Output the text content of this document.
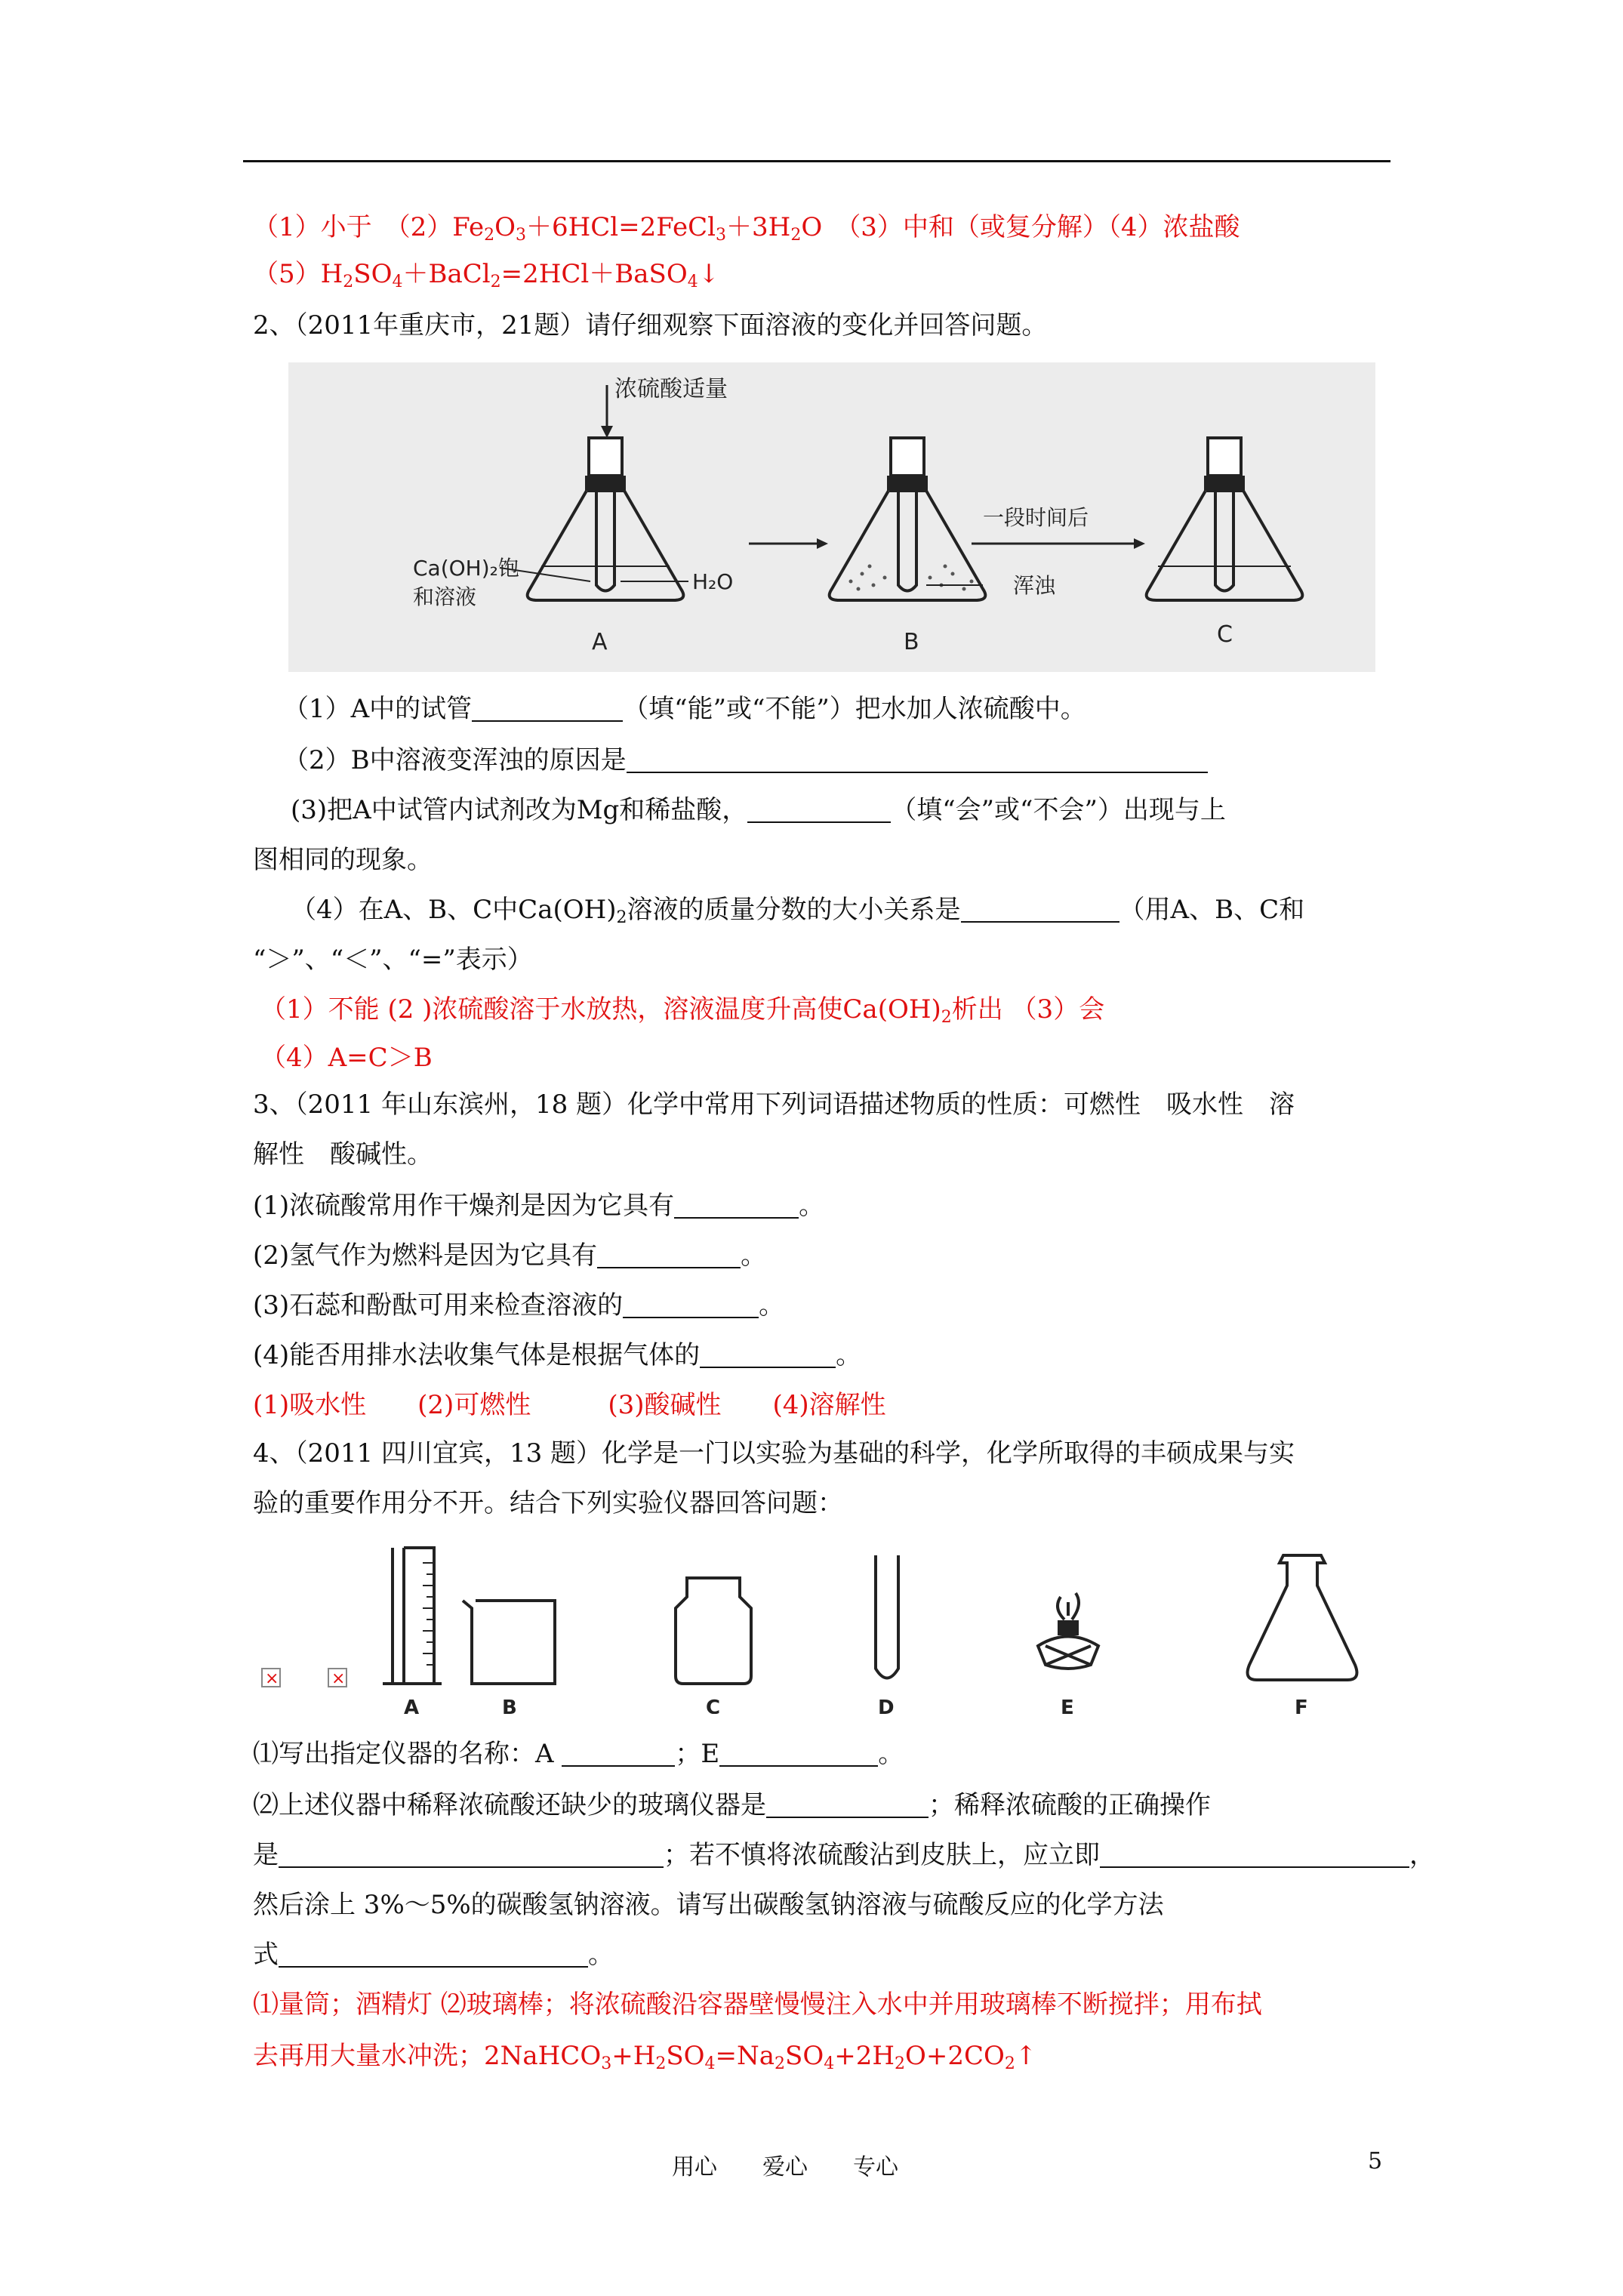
（1）小于　 $(2)Fe_2O_3+6HCl=2FeCl_3+3H_2O$　 （3）中和（或复分解）（4）浓盐酸
$(5)H_2SO_4+BaCl_2=2HCl+BaSO_4↓$
2、（2011年重庆市，21题）请仔细观察下面溶液的变化并回答问题。
浓硫酸适量
Ca(OH)₂饱
和溶液
H₂O
A
浑浊
B
一段时间后
C
（1）A中的试管	（填“能”或“不能”）把水加人浓硫酸中。
（2）B中溶液变浑浊的原因是
(3)把A中试管内试剂改为Mg和稀盐酸，	（填“会”或“不会”）出现与上
图相同的现象。
（4）在A、B、C中$Ca(OH)_2$溶液的质量分数的大小关系是	（用A、B、C和
“＞”、“＜”、“=”表示）
（1）不能 (2 )浓硫酸溶于水放热，溶液温度升高使$Ca(OH)_2$析出 （3）会
（4）A=C＞B
3、（2011 年山东滨州，18 题）化学中常用下列词语描述物质的性质：可燃性　吸水性　溶
解性　酸碱性。
(1)浓硫酸常用作干燥剂是因为它具有	。
(2)氢气作为燃料是因为它具有	。
(3)石蕊和酚酞可用来检查溶液的	。
(4)能否用排水法收集气体是根据气体的	。
(1)吸水性　　(2)可燃性　　　(3)酸碱性　　(4)溶解性
4、（2011 四川宜宾，13 题）化学是一门以实验为基础的科学，化学所取得的丰硕成果与实
验的重要作用分不开。结合下列实验仪器回答问题：
×	×
A	B	C	D	E	F
⑴写出指定仪器的名称：A	；E	。
⑵上述仪器中稀释浓硫酸还缺少的玻璃仪器是	；稀释浓硫酸的正确操作
是	；若不慎将浓硫酸沾到皮肤上，应立即	，
然后涂上 3%～5%的碳酸氢钠溶液。请写出碳酸氢钠溶液与硫酸反应的化学方法
式	。
⑴量筒；酒精灯 ⑵玻璃棒；将浓硫酸沿容器壁慢慢注入水中并用玻璃棒不断搅拌；用布拭
去再用大量水冲洗；$2NaHCO_3+H_2SO_4=Na_2SO_4+2H_2O+2CO_2↑$
用心　　爱心　　专心	5
